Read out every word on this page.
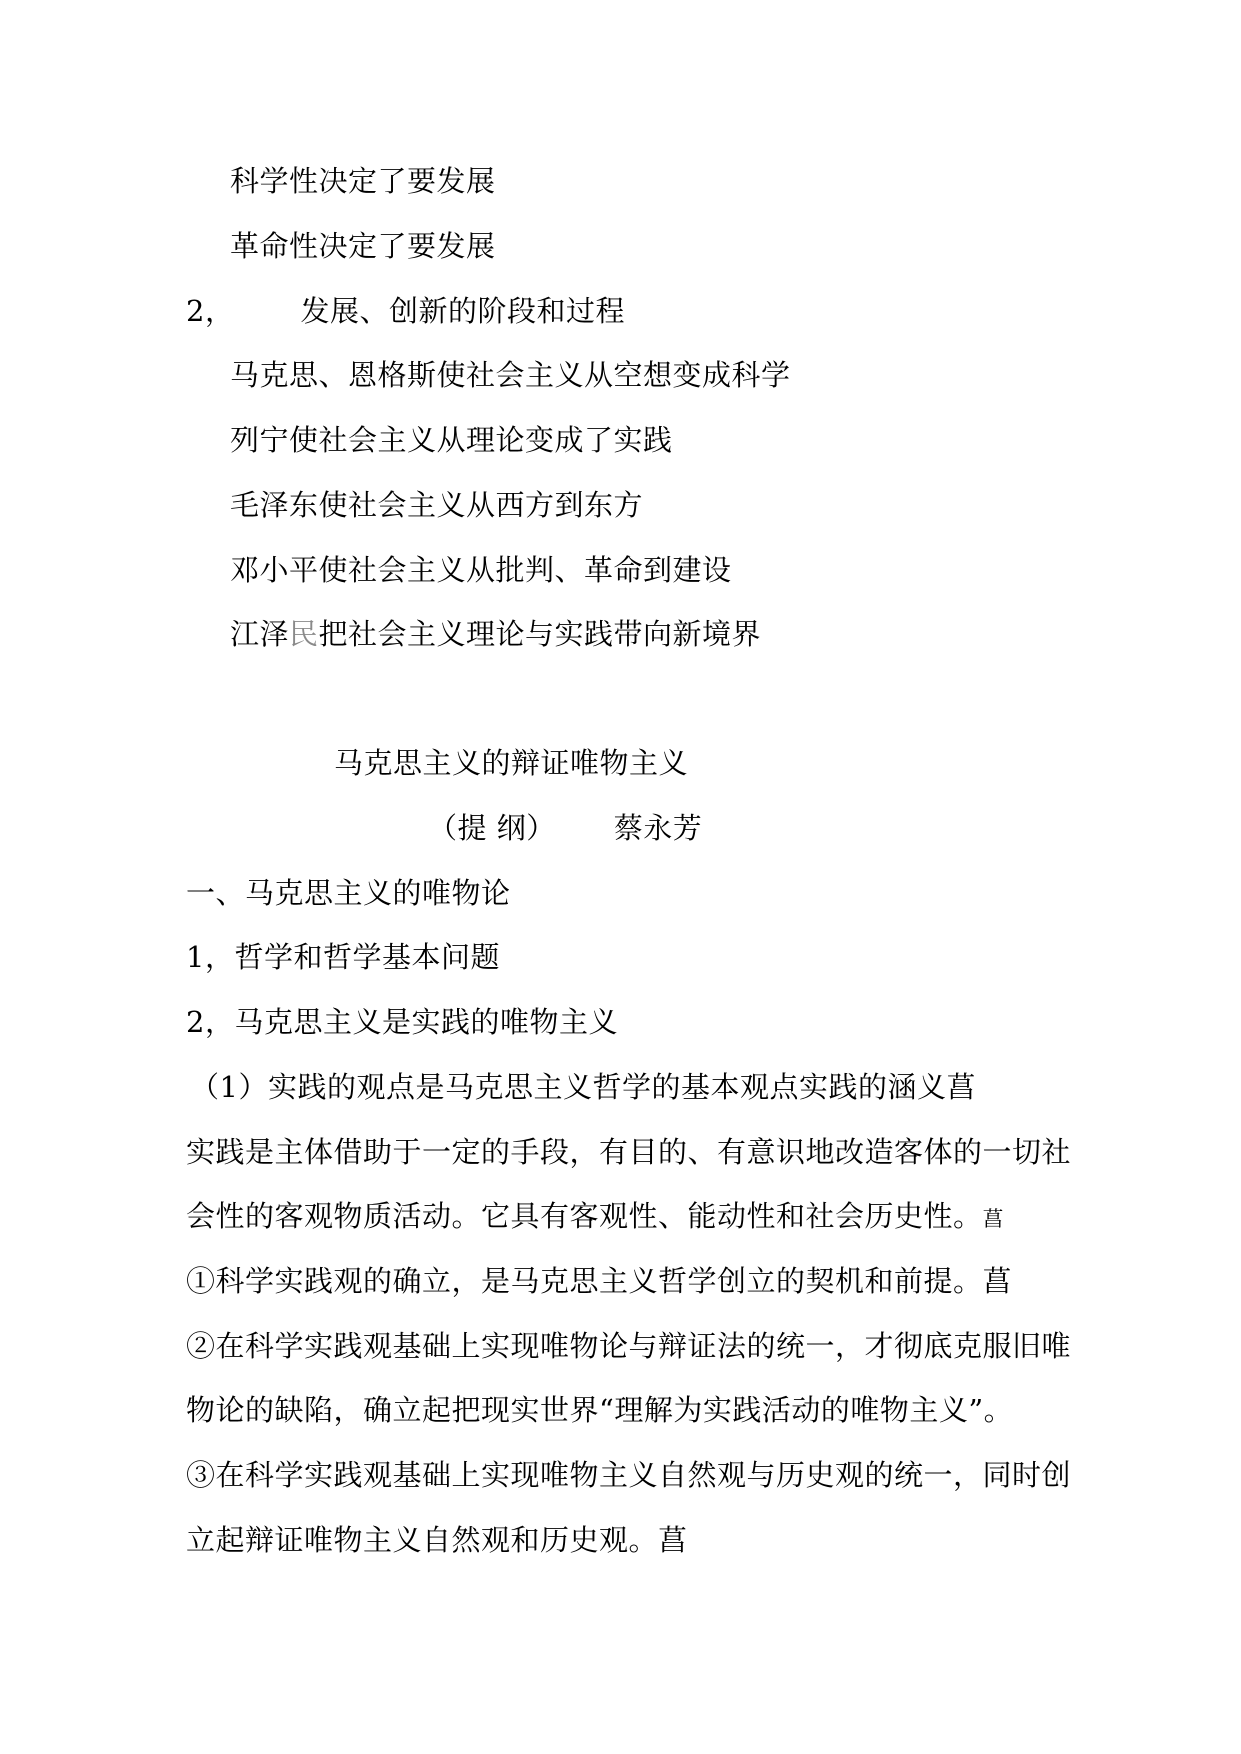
科学性决定了要发展
革命性决定了要发展
2， 发展、创新的阶段和过程
马克思、恩格斯使社会主义从空想变成科学
列宁使社会主义从理论变成了实践
毛泽东使社会主义从西方到东方
邓小平使社会主义从批判、革命到建设
江泽民把社会主义理论与实践带向新境界
马克思主义的辩证唯物主义
（提 纲） 蔡永芳
一、马克思主义的唯物论
1，哲学和哲学基本问题
2，马克思主义是实践的唯物主义
（1）实践的观点是马克思主义哲学的基本观点实践的涵义菖
实践是主体借助于一定的手段，有目的、有意识地改造客体的一切社
会性的客观物质活动。它具有客观性、能动性和社会历史性。菖
①科学实践观的确立，是马克思主义哲学创立的契机和前提。菖
②在科学实践观基础上实现唯物论与辩证法的统一，才彻底克服旧唯
物论的缺陷，确立起把现实世界“理解为实践活动的唯物主义”。
③在科学实践观基础上实现唯物主义自然观与历史观的统一，同时创
立起辩证唯物主义自然观和历史观。菖
